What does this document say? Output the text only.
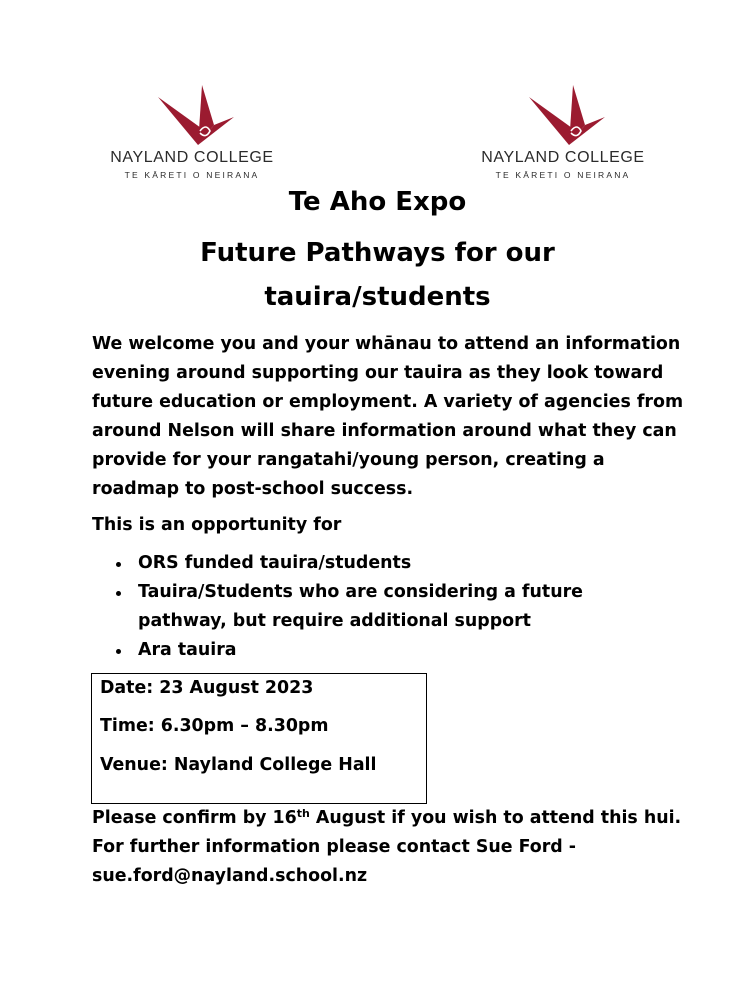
NAYLAND COLLEGE
TE KĀRETI O NEIRANA
NAYLAND COLLEGE
TE KĀRETI O NEIRANA
Te Aho Expo
Future Pathways for our
tauira/students

We welcome you and your whānau to attend an information evening around supporting our tauira as they look toward future education or employment. A variety of agencies from around Nelson will share information around what they can provide for your rangatahi/young person, creating a roadmap to post-school success.

This is an opportunity for

ORS funded tauira/students
Tauira/Students who are considering a future pathway, but require additional support
Ara tauira
Date: 23 August 2023
Time: 6.30pm – 8.30pm
Venue: Nayland College Hall

Please confirm by 16th August if you wish to attend this hui. For further information please contact Sue Ford - sue.ford@nayland.school.nz
